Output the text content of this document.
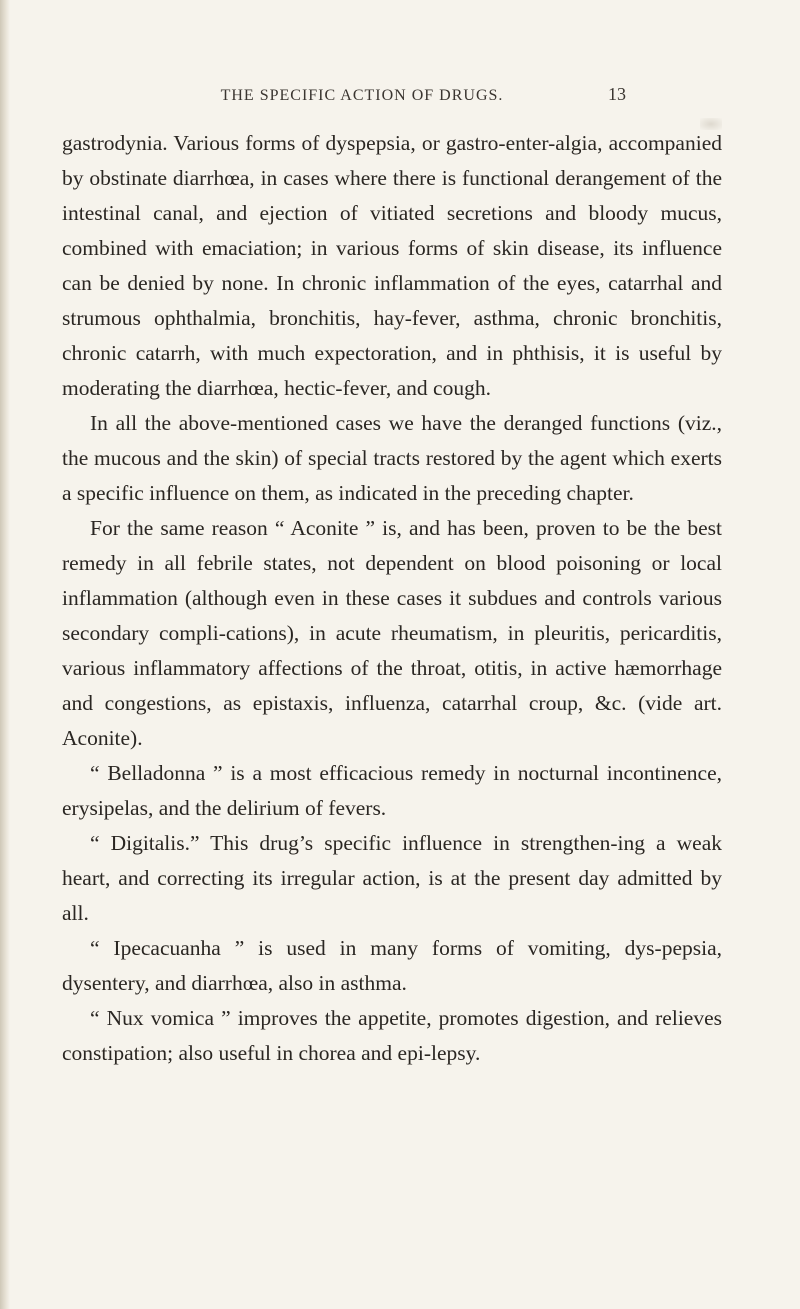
THE SPECIFIC ACTION OF DRUGS.	13

gastrodynia. Various forms of dyspepsia, or gastro-enter-algia, accompanied by obstinate diarrhœa, in cases where there is functional derangement of the intestinal canal, and ejection of vitiated secretions and bloody mucus, combined with emaciation; in various forms of skin disease, its influence can be denied by none. In chronic inflammation of the eyes, catarrhal and strumous ophthalmia, bronchitis, hay-fever, asthma, chronic bronchitis, chronic catarrh, with much expectoration, and in phthisis, it is useful by moderating the diarrhœa, hectic-fever, and cough.

In all the above-mentioned cases we have the deranged functions (viz., the mucous and the skin) of special tracts restored by the agent which exerts a specific influence on them, as indicated in the preceding chapter.

For the same reason “ Aconite ” is, and has been, proven to be the best remedy in all febrile states, not dependent on blood poisoning or local inflammation (although even in these cases it subdues and controls various secondary compli-cations), in acute rheumatism, in pleuritis, pericarditis, various inflammatory affections of the throat, otitis, in active hæmorrhage and congestions, as epistaxis, influenza, catarrhal croup, &c. (vide art. Aconite).

“ Belladonna ” is a most efficacious remedy in nocturnal incontinence, erysipelas, and the delirium of fevers.

“ Digitalis.” This drug’s specific influence in strengthen-ing a weak heart, and correcting its irregular action, is at the present day admitted by all.

“ Ipecacuanha ” is used in many forms of vomiting, dys-pepsia, dysentery, and diarrhœa, also in asthma.

“ Nux vomica ” improves the appetite, promotes digestion, and relieves constipation; also useful in chorea and epi-lepsy.
